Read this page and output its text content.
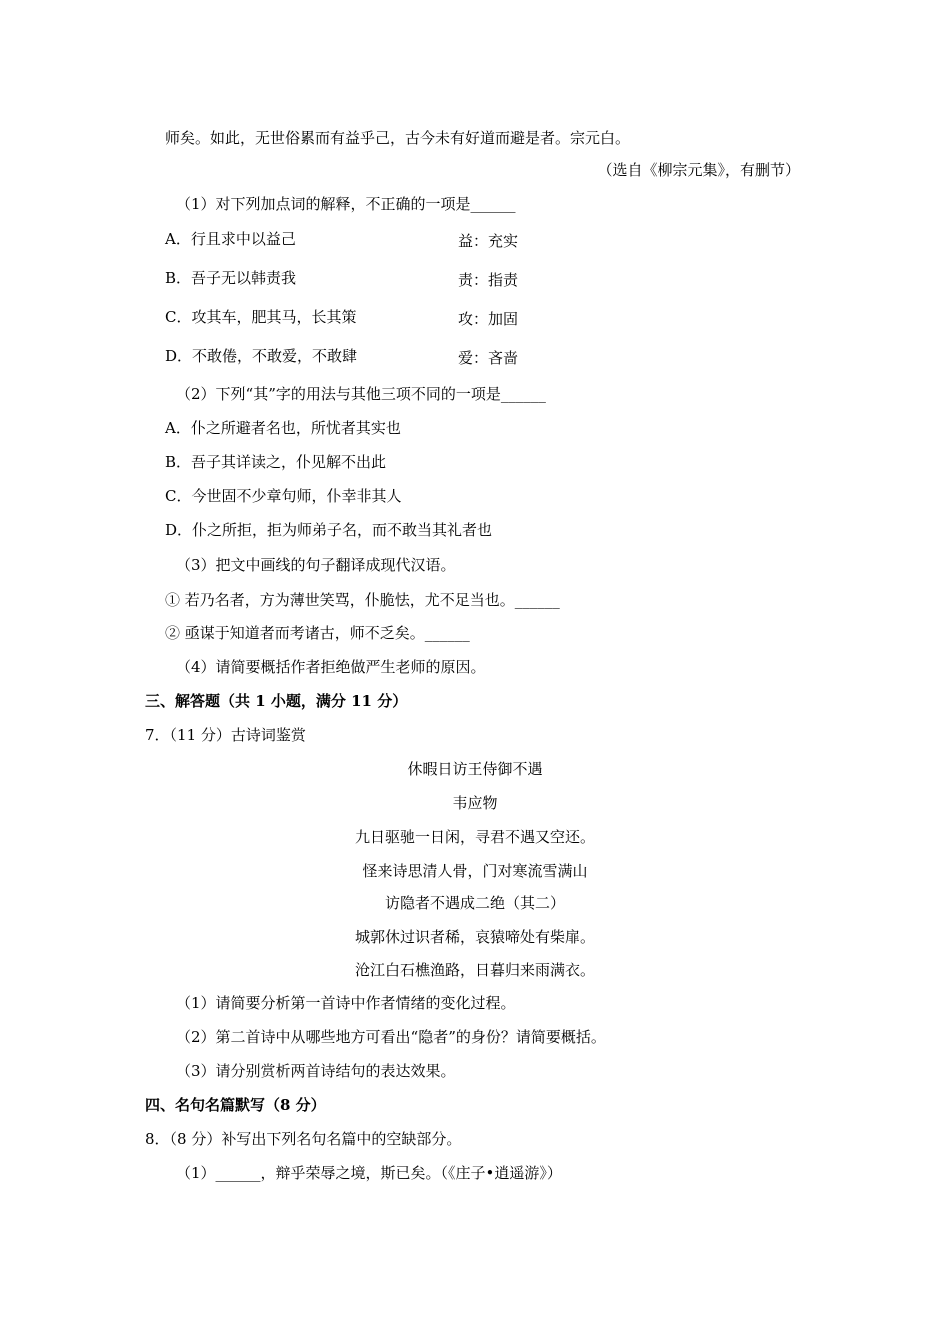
师矣。如此，无世俗累而有益乎己，古今未有好道而避是者。宗元白。
（选自《柳宗元集》，有删节）
（1）对下列加点词的解释，不正确的一项是______
A．行且求中以益己	益：充实
B．吾子无以韩责我	责：指责
C．攻其车，肥其马，长其策	攻：加固
D．不敢倦，不敢爱，不敢肆	爱：吝啬
（2）下列“其”字的用法与其他三项不同的一项是______
A．仆之所避者名也，所忧者其实也
B．吾子其详读之，仆见解不出此
C．今世固不少章句师，仆幸非其人
D．仆之所拒，拒为师弟子名，而不敢当其礼者也
（3）把文中画线的句子翻译成现代汉语。
① 若乃名者，方为薄世笑骂，仆脆怯，尤不足当也。______
② 亟谋于知道者而考诸古，师不乏矣。______
（4）请简要概括作者拒绝做严生老师的原因。
三、解答题（共 1 小题，满分 11 分）
7．（11 分）古诗词鉴赏
休暇日访王侍御不遇
韦应物
九日驱驰一日闲，寻君不遇又空还。
怪来诗思清人骨，门对寒流雪满山
访隐者不遇成二绝（其二）
城郭休过识者稀，哀猿啼处有柴扉。
沧江白石樵渔路，日暮归来雨满衣。
（1）请简要分析第一首诗中作者情绪的变化过程。
（2）第二首诗中从哪些地方可看出“隐者”的身份？请简要概括。
（3）请分别赏析两首诗结句的表达效果。
四、名句名篇默写（8 分）
8．（8 分）补写出下列名句名篇中的空缺部分。
（1）______，辩乎荣辱之境，斯已矣。（《庄子•逍遥游》）
